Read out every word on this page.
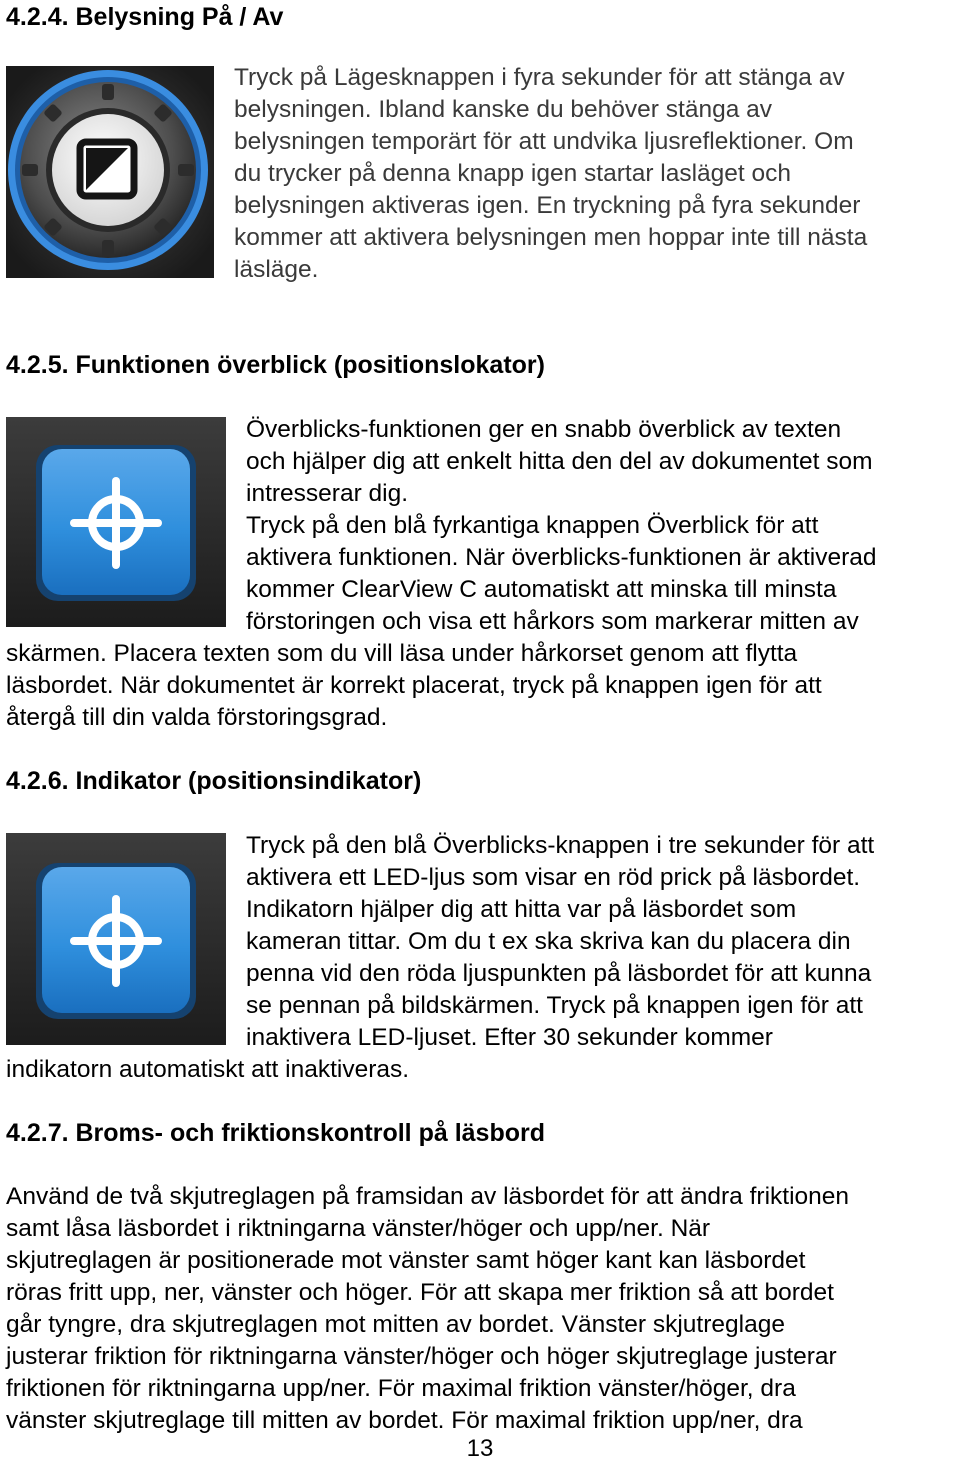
4.2.4. Belysning På / Av
Tryck på Lägesknappen i fyra sekunder för att stänga av
belysningen. Ibland kanske du behöver stänga av
belysningen temporärt för att undvika ljusreflektioner. Om
du trycker på denna knapp igen startar lasläget och
belysningen aktiveras igen. En tryckning på fyra sekunder
kommer att aktivera belysningen men hoppar inte till nästa
läsläge.
4.2.5. Funktionen överblick (positionslokator)
Överblicks-funktionen ger en snabb överblick av texten
och hjälper dig att enkelt hitta den del av dokumentet som
intresserar dig.
Tryck på den blå fyrkantiga knappen Överblick för att
aktivera funktionen. När överblicks-funktionen är aktiverad
kommer ClearView C automatiskt att minska till minsta
förstoringen och visa ett hårkors som markerar mitten av
skärmen. Placera texten som du vill läsa under hårkorset genom att flytta
läsbordet. När dokumentet är korrekt placerat, tryck på knappen igen för att
återgå till din valda förstoringsgrad.
4.2.6. Indikator (positionsindikator)
Tryck på den blå Överblicks-knappen i tre sekunder för att
aktivera ett LED-ljus som visar en röd prick på läsbordet.
Indikatorn hjälper dig att hitta var på läsbordet som
kameran tittar. Om du t ex ska skriva kan du placera din
penna vid den röda ljuspunkten på läsbordet för att kunna
se pennan på bildskärmen. Tryck på knappen igen för att
inaktivera LED-ljuset. Efter 30 sekunder kommer
indikatorn automatiskt att inaktiveras.
4.2.7. Broms- och friktionskontroll på läsbord
Använd de två skjutreglagen på framsidan av läsbordet för att ändra friktionen
samt låsa läsbordet i riktningarna vänster/höger och upp/ner. När
skjutreglagen är positionerade mot vänster samt höger kant kan läsbordet
röras fritt upp, ner, vänster och höger. För att skapa mer friktion så att bordet
går tyngre, dra skjutreglagen mot mitten av bordet. Vänster skjutreglage
justerar friktion för riktningarna vänster/höger och höger skjutreglage justerar
friktionen för riktningarna upp/ner. För maximal friktion vänster/höger, dra
vänster skjutreglage till mitten av bordet. För maximal friktion upp/ner, dra
13
